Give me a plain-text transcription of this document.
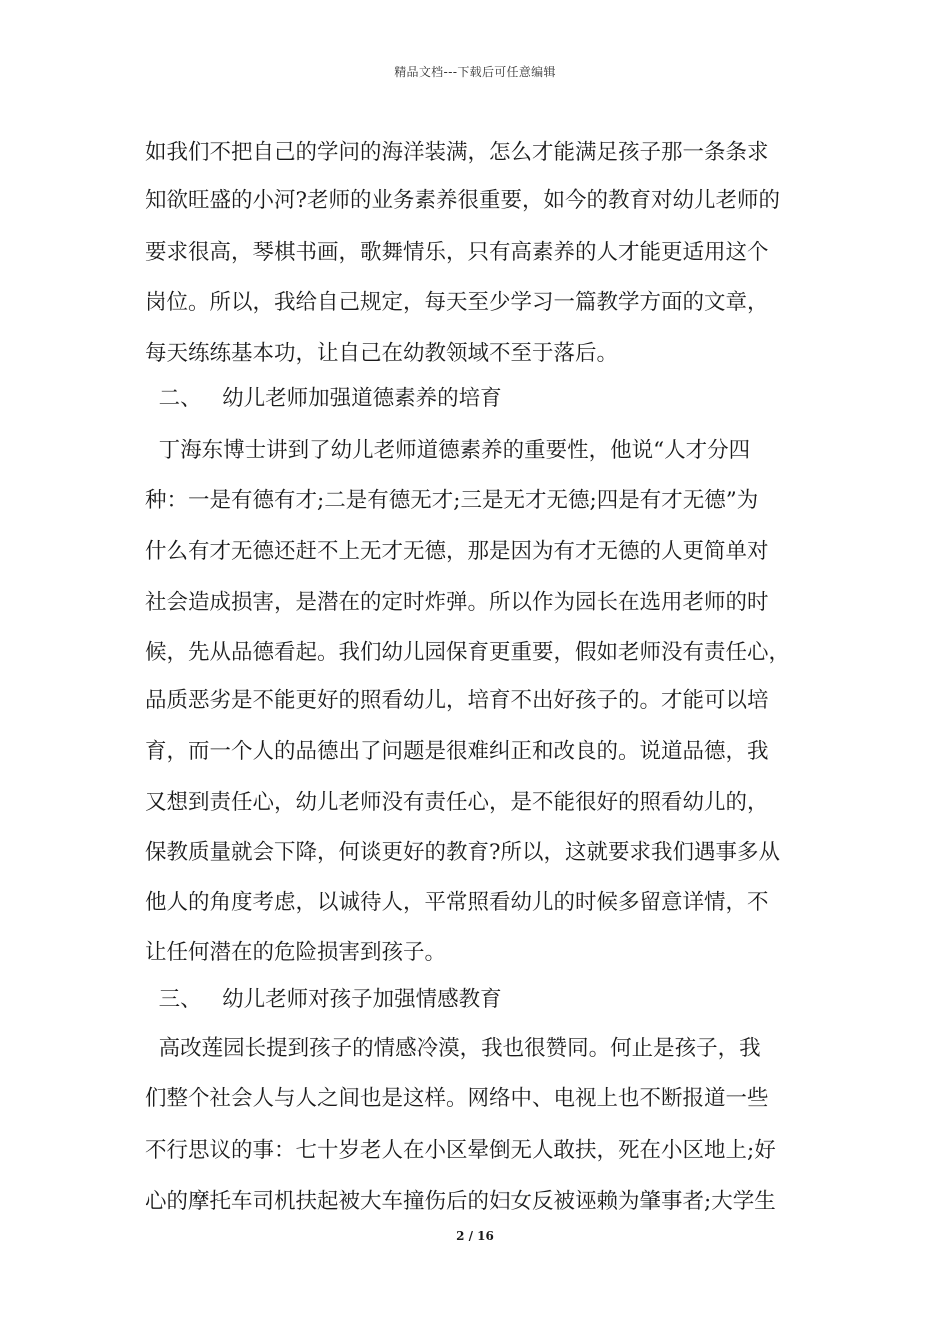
精品文档---下载后可任意编辑
如我们不把自己的学问的海洋装满，怎么才能满足孩子那一条条求
知欲旺盛的小河?老师的业务素养很重要，如今的教育对幼儿老师的
要求很高，琴棋书画，歌舞情乐，只有高素养的人才能更适用这个
岗位。所以，我给自己规定，每天至少学习一篇教学方面的文章，
每天练练基本功，让自己在幼教领域不至于落后。
二、   幼儿老师加强道德素养的培育
丁海东博士讲到了幼儿老师道德素养的重要性，他说“人才分四
种：一是有德有才;二是有德无才;三是无才无德;四是有才无德”为
什么有才无德还赶不上无才无德，那是因为有才无德的人更简单对
社会造成损害，是潜在的定时炸弹。所以作为园长在选用老师的时
候，先从品德看起。我们幼儿园保育更重要，假如老师没有责任心，
品质恶劣是不能更好的照看幼儿，培育不出好孩子的。才能可以培
育，而一个人的品德出了问题是很难纠正和改良的。说道品德，我
又想到责任心，幼儿老师没有责任心，是不能很好的照看幼儿的，
保教质量就会下降，何谈更好的教育?所以，这就要求我们遇事多从
他人的角度考虑，以诚待人，平常照看幼儿的时候多留意详情，不
让任何潜在的危险损害到孩子。
三、   幼儿老师对孩子加强情感教育
高改莲园长提到孩子的情感冷漠，我也很赞同。何止是孩子，我
们整个社会人与人之间也是这样。网络中、电视上也不断报道一些
不行思议的事：七十岁老人在小区晕倒无人敢扶，死在小区地上;好
心的摩托车司机扶起被大车撞伤后的妇女反被诬赖为肇事者;大学生
2 / 16
